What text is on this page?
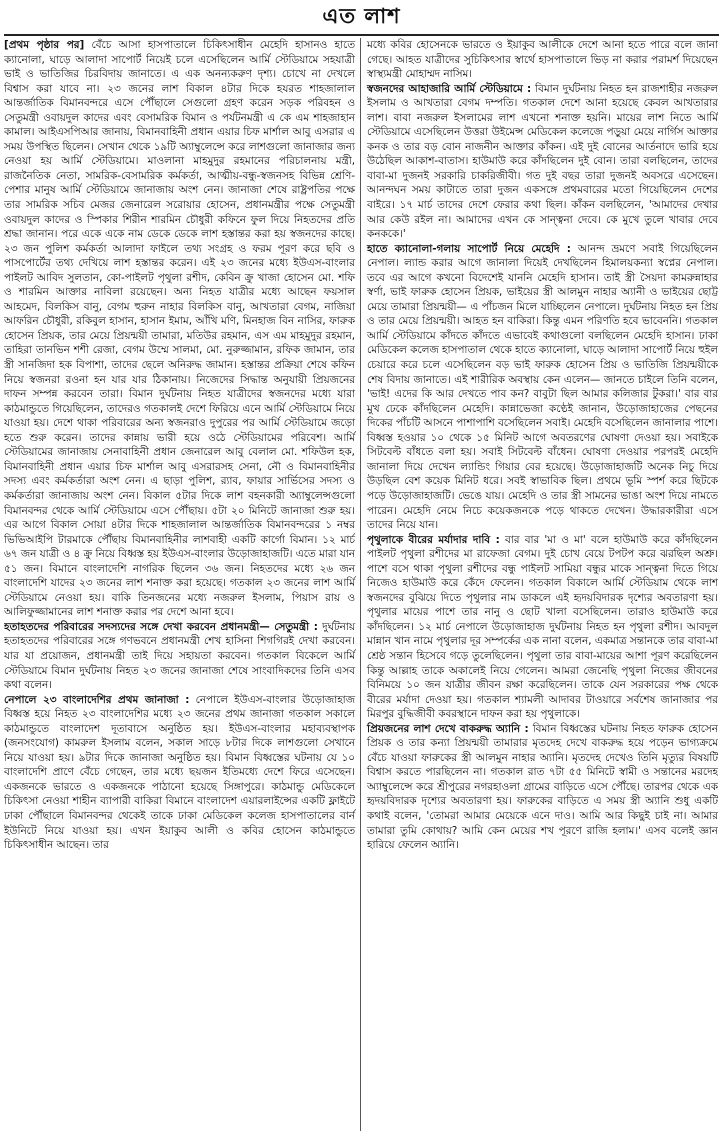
এত লাশ

[প্রথম পৃষ্ঠার পর] বেঁচে আসা হাসপাতালে চিকিৎসাধীন মেহেদি হাসানও হাতে ক্যানোলা, ঘাড়ে আলাদা সাপোর্ট নিয়েই চলে এসেছিলেন আর্মি স্টেডিয়ামে সহযাত্রী ভাই ও ভাতিজির চিরবিদায় জানাতে। এ এক অনন্যকরুণ দৃশ্য। চোখে না দেখলে বিশ্বাস করা যাবে না। ২৩ জনের লাশ বিকাল ৪টার দিকে হযরত শাহজালাল আন্তর্জাতিক বিমানবন্দরে এসে পৌঁছালে সেগুলো গ্রহণ করেন সড়ক পরিবহন ও সেতুমন্ত্রী ওবায়দুল কাদের এবং বেসামরিক বিমান ও পর্যটনমন্ত্রী এ কে এম শাহজাহান কামাল। আইএসপিআর জানায়, বিমানবাহিনী প্রধান এয়ার চিফ মার্শাল আবু এসরার এ সময় উপস্থিত ছিলেন। সেখান থেকে ১৯টি অ্যাম্বুলেন্সে করে লাশগুলো জানাজার জন্য নেওয়া হয় আর্মি স্টেডিয়ামে। মাওলানা মাহমুদুর রহমানের পরিচালনায় মন্ত্রী, রাজনৈতিক নেতা, সামরিক-বেসামরিক কর্মকর্তা, আত্মীয়-বন্ধু-স্বজনসহ বিভিন্ন শ্রেণি-পেশার মানুষ আর্মি স্টেডিয়ামে জানাজায় অংশ নেন। জানাজা শেষে রাষ্ট্রপতির পক্ষে তার সামরিক সচিব মেজর জেনারেল সরোয়ার হোসেন, প্রধানমন্ত্রীর পক্ষে সেতুমন্ত্রী ওবায়দুল কাদের ও স্পিকার শিরীন শারমিন চৌধুরী কফিনে ফুল দিয়ে নিহতদের প্রতি শ্রদ্ধা জানান। পরে একে একে নাম ডেকে ডেকে লাশ হস্তান্তর করা হয় স্বজনদের কাছে। ২৩ জন পুলিশ কর্মকর্তা আলাদা ফাইলে তথ্য সংগ্রহ ও ফরম পূরণ করে ছবি ও পাসপোর্টের তথ্য দেখিয়ে লাশ হস্তান্তর করেন। এই ২৩ জনের মধ্যে ইউএস-বাংলার পাইলট আবিদ সুলতান, কো-পাইলট পৃথুলা রশীদ, কেবিন ক্রু খাজা হোসেন মো. শফি ও শারমিন আক্তার নাবিলা রয়েছেন। অন্য নিহত যাত্রীর মধ্যে আছেন ফয়সাল আহমেদ, বিলকিস বানু, বেগম হুরুন নাহার বিলকিস বানু, আখতারা বেগম, নাজিয়া আফরিন চৌধুরী, রকিবুল হাসান, হাসান ইমাম, আঁখি মণি, মিনহাজ বিন নাসির, ফারুক হোসেন প্রিয়ক, তার মেয়ে প্রিয়ন্ময়ী তামারা, মতিউর রহমান, এস এম মাহমুদুর রহমান, তাহিরা তানভিন শশী রেজা, বেগম উম্মে সালমা, মো. নুরুজ্জামান, রফিক জামান, তার স্ত্রী সানজিদা হক বিপাশা, তাদের ছেলে অনিরুদ্ধ জামান। হস্তান্তর প্রক্রিয়া শেষে কফিন নিয়ে স্বজনরা রওনা হন যার যার ঠিকানায়। নিজেদের সিদ্ধান্ত অনুযায়ী প্রিয়জনের দাফন সম্পন্ন করবেন তারা। বিমান দুর্ঘটনায় নিহত যাত্রীদের স্বজনদের মধ্যে যারা কাঠমান্ডুতে গিয়েছিলেন, তাদেরও গতকালই দেশে ফিরিয়ে এনে আর্মি স্টেডিয়ামে নিয়ে যাওয়া হয়। দেশে থাকা পরিবারের অন্য স্বজনরাও দুপুরের পর আর্মি স্টেডিয়ামে জড়ো হতে শুরু করেন। তাদের কান্নায় ভারী হয়ে ওঠে স্টেডিয়ামের পরিবেশ। আর্মি স্টেডিয়ামের জানাজায় সেনাবাহিনী প্রধান জেনারেল আবু বেলাল মো. শফিউল হক, বিমানবাহিনী প্রধান এয়ার চিফ মার্শাল আবু এসরারসহ সেনা, নৌ ও বিমানবাহিনীর সদস্য এবং কর্মকর্তারা অংশ নেন। এ ছাড়া পুলিশ, র‌্যাব, ফায়ার সার্ভিসের সদস্য ও কর্মকর্তারা জানাজায় অংশ নেন। বিকাল ৫টার দিকে লাশ বহনকারী অ্যাম্বুলেন্সগুলো বিমানবন্দর থেকে আর্মি স্টেডিয়ামে এসে পৌঁছায়। ৫টা ২০ মিনিটে জানাজা শুরু হয়। এর আগে বিকাল সোয়া ৪টার দিকে শাহজালাল আন্তর্জাতিক বিমানবন্দরের ১ নম্বর ভিভিআইপি টারমাকে পৌঁছায় বিমানবাহিনীর লাশবাহী একটি কার্গো বিমান। ১২ মার্চ ৬৭ জন যাত্রী ও ৪ ক্রু নিয়ে বিধ্বস্ত হয় ইউএস-বাংলার উড়োজাহাজটি। এতে মারা যান ৫১ জন। বিমানে বাংলাদেশি নাগরিক ছিলেন ৩৬ জন। নিহতদের মধ্যে ২৬ জন বাংলাদেশি যাদের ২৩ জনের লাশ শনাক্ত করা হয়েছে। গতকাল ২৩ জনের লাশ আর্মি স্টেডিয়ামে নেওয়া হয়। বাকি তিনজনের মধ্যে নজরুল ইসলাম, পিয়াস রায় ও আলিফুজ্জামানের লাশ শনাক্ত করার পর দেশে আনা হবে।

হতাহতদের পরিবারের সদস্যদের সঙ্গে দেখা করবেন প্রধানমন্ত্রী— সেতুমন্ত্রী : দুর্ঘটনায় হতাহতদের পরিবারের সঙ্গে গণভবনে প্রধানমন্ত্রী শেখ হাসিনা শিগগিরই দেখা করবেন। যার যা প্রয়োজন, প্রধানমন্ত্রী তাই দিয়ে সহায়তা করবেন। গতকাল বিকেলে আর্মি স্টেডিয়ামে বিমান দুর্ঘটনায় নিহত ২৩ জনের জানাজা শেষে সাংবাদিকদের তিনি এসব কথা বলেন।

নেপালে ২৩ বাংলাদেশির প্রথম জানাজা : নেপালে ইউএস-বাংলার উড়োজাহাজ বিধ্বস্ত হয়ে নিহত ২৩ বাংলাদেশির মধ্যে ২৩ জনের প্রথম জানাজা গতকাল সকালে কাঠমান্ডুতে বাংলাদেশ দূতাবাসে অনুষ্ঠিত হয়। ইউএস-বাংলার মহাব্যবস্থাপক (জনসংযোগ) কামরুল ইসলাম বলেন, সকাল সাড়ে ৮টার দিকে লাশগুলো সেখানে নিয়ে যাওয়া হয়। ৯টার দিকে জানাজা অনুষ্ঠিত হয়। বিমান বিধ্বস্তের ঘটনায় যে ১০ বাংলাদেশি প্রাণে বেঁচে গেছেন, তার মধ্যে ছয়জন ইতিমধ্যে দেশে ফিরে এসেছেন। একজনকে ভারতে ও একজনকে পাঠানো হয়েছে সিঙ্গাপুরে। কাঠমান্ডু মেডিকেলে চিকিৎসা নেওয়া শাহীন ব্যাপারী বাকিরা বিমানে বাংলাদেশ এয়ারলাইন্সের একটি ফ্লাইটে ঢাকা পৌঁছালে বিমানবন্দর থেকেই তাকে ঢাকা মেডিকেল কলেজ হাসপাতালের বার্ন ইউনিটে নিয়ে যাওয়া হয়। এখন ইয়াকুব আলী ও কবির হোসেন কাঠমান্ডুতে চিকিৎসাধীন আছেন। তার

মধ্যে কবির হোসেনকে ভারতে ও ইয়াকুব আলীকে দেশে আনা হতে পারে বলে জানা গেছে। আহত যাত্রীদের সুচিকিৎসার স্বার্থে হাসপাতালে ভিড় না করার পরামর্শ দিয়েছেন স্বাস্থ্যমন্ত্রী মোহাম্মদ নাসিম।

স্বজনদের আহাজারি আর্মি স্টেডিয়ামে : বিমান দুর্ঘটনায় নিহত হন রাজশাহীর নজরুল ইসলাম ও আখতারা বেগম দম্পতি। গতকাল দেশে আনা হয়েছে কেবল আখতারার লাশ। বাবা নজরুল ইসলামের লাশ এখনো শনাক্ত হয়নি। মায়ের লাশ নিতে আর্মি স্টেডিয়ামে এসেছিলেন উত্তরা উইমেন্স মেডিকেল কলেজে পড়ুয়া মেয়ে নার্গিস আক্তার কনক ও তার বড় বোন নাজনীন আক্তার কাঁকন। এই দুই বোনের আর্তনাদে ভারি হয়ে উঠেছিল আকাশ-বাতাস। হাউমাউ করে কাঁদছিলেন দুই বোন। তারা বলছিলেন, তাদের বাবা-মা দুজনই সরকারি চাকরিজীবী। গত দুই বছর তারা দুজনই অবসরে এসেছেন। আনন্দঘন সময় কাটাতে তারা দুজন একসঙ্গে প্রথমবারের মতো গিয়েছিলেন দেশের বাইরে। ১৭ মার্চ তাদের দেশে ফেরার কথা ছিল। কাঁকন বলছিলেন, 'আমাদের দেখার আর কেউ রইল না। আমাদের এখন কে সান্ত্বনা দেবে। কে মুখে তুলে খাবার দেবে কনককে।'

হাতে ক্যানোলা-গলায় সাপোর্ট নিয়ে মেহেদি : আনন্দ ভ্রমণে সবাই গিয়েছিলেন নেপাল। ল্যান্ড করার আগে জানালা দিয়েই দেখছিলেন হিমালয়কন্যা স্বপ্নের নেপাল। তবে এর আগে কখনো বিদেশেই যাননি মেহেদি হাসান। তাই স্ত্রী সৈয়দা কামরুন্নাহার স্বর্ণা, ভাই ফারুক হোসেন প্রিয়ক, ভাইয়ের স্ত্রী আলমুন নাহার অ্যানী ও ভাইয়ের ছোট্ট মেয়ে তামারা প্রিয়ন্ময়ী— এ পাঁচজন মিলে যাচ্ছিলেন নেপালে। দুর্ঘটনায় নিহত হন প্রিয় ও তার মেয়ে প্রিয়ন্ময়ী। আহত হন বাকিরা। কিন্তু এমন পরিণতি হবে ভাবেননি। গতকাল আর্মি স্টেডিয়ামে কাঁদতে কাঁদতে এভাবেই কথাগুলো বলছিলেন মেহেদি হাসান। ঢাকা মেডিকেল কলেজ হাসপাতাল থেকে হাতে ক্যানোলা, ঘাড়ে আলাদা সাপোর্ট নিয়ে হুইল চেয়ারে করে চলে এসেছিলেন বড় ভাই ফারুক হোসেন প্রিয় ও ভাতিজি প্রিয়ন্ময়ীকে শেষ বিদায় জানাতে। এই শারীরিক অবস্থায় কেন এলেন— জানতে চাইলে তিনি বলেন, 'ভাই! এদের কি আর দেখতে পাব কন? বাবুটা ছিল আমার কলিজার টুকরা।' বার বার মুখ ঢেকে কাঁদছিলেন মেহেদি। কান্নাভেজা কণ্ঠেই জানান, উড়োজাহাজের পেছনের দিকের পাঁচটি আসনে পাশাপাশি বসেছিলেন সবাই। মেহেদি বসেছিলেন জানালার পাশে। বিধ্বস্ত হওয়ার ১০ থেকে ১৫ মিনিট আগে অবতরণের ঘোষণা দেওয়া হয়। সবাইকে সিটবেল্ট বাঁধতে বলা হয়। সবাই সিটবেল্ট বাঁধেন। ঘোষণা দেওয়ার পরপরই মেহেদি জানালা দিয়ে দেখেন ল্যান্ডিং গিয়ার বের হয়েছে। উড়োজাহাজটি অনেক নিচু দিয়ে উড়ছিল বেশ কয়েক মিনিট ধরে। সবই স্বাভাবিক ছিল। প্রথমে ভূমি স্পর্শ করে ছিটকে পড়ে উড়োজাহাজটি। ভেঙে যায়। মেহেদি ও তার স্ত্রী সামনের ভাঙা অংশ দিয়ে নামতে পারেন। মেহেদি নেমে নিচে কয়েকজনকে পড়ে থাকতে দেখেন। উদ্ধারকারীরা এসে তাদের নিয়ে যান।

পৃথুলাকে বীরের মর্যাদার দাবি : বার বার 'মা ও মা' বলে হাউমাউ করে কাঁদছিলেন পাইলট পৃথুলা রশীদের মা রাফেজা বেগম। দুই চোখ বেয়ে টপটপ করে ঝরছিল অশ্রু। পাশে বসে থাকা পৃথুলা রশীদের বন্ধু পাইলট সামিয়া বন্ধুর মাকে সান্ত্বনা দিতে গিয়ে নিজেও হাউমাউ করে কেঁদে ফেলেন। গতকাল বিকালে আর্মি স্টেডিয়াম থেকে লাশ স্বজনদের বুঝিয়ে দিতে পৃথুলার নাম ডাকলে এই হৃদয়বিদারক দৃশ্যের অবতারণা হয়। পৃথুলার মায়ের পাশে তার নানু ও ছোট খালা বসেছিলেন। তারাও হাউমাউ করে কাঁদছিলেন। ১২ মার্চ নেপালে উড়োজাহাজ দুর্ঘটনায় নিহত হন পৃথুলা রশীদ। আবদুল মান্নান খান নামে পৃথুলার দূর সম্পর্কের এক নানা বলেন, একমাত্র সন্তানকে তার বাবা-মা শ্রেষ্ঠ সন্তান হিসেবে গড়ে তুলেছিলেন। পৃথুলা তার বাবা-মায়ের আশা পূরণ করেছিলেন কিন্তু আল্লাহ তাকে অকালেই নিয়ে গেলেন। আমরা জেনেছি পৃথুলা নিজের জীবনের বিনিময়ে ১০ জন যাত্রীর জীবন রক্ষা করেছিলেন। তাকে যেন সরকারের পক্ষ থেকে বীরের মর্যাদা দেওয়া হয়। গতকাল শ্যামলী আদাবর টাওয়ারে সর্বশেষ জানাজার পর মিরপুর বুদ্ধিজীবী কবরস্থানে দাফন করা হয় পৃথুলাকে।

প্রিয়জনের লাশ দেখে বাকরুদ্ধ অ্যানি : বিমান বিধ্বস্তের ঘটনায় নিহত ফারুক হোসেন প্রিয়ক ও তার কন্যা প্রিয়ন্ময়ী তামারার মৃতদেহ দেখে বাকরুদ্ধ হয়ে পড়েন ভাগ্যক্রমে বেঁচে যাওয়া ফারুকের স্ত্রী আলমুন নাহার অ্যানি। মৃতদেহ দেখেও তিনি মৃত্যুর বিষয়টি বিশ্বাস করতে পারছিলেন না। গতকাল রাত ৭টা ৫৫ মিনিটে স্বামী ও সন্তানের মরদেহ অ্যাম্বুলেন্সে করে শ্রীপুরের নগরহাওলা গ্রামের বাড়িতে এসে পৌঁছে। তারপর থেকে এক হৃদয়বিদারক দৃশ্যের অবতারণা হয়। ফারুকের বাড়িতে এ সময় স্ত্রী অ্যানি শুধু একটি কথাই বলেন, 'তোমরা আমার মেয়েকে এনে দাও। আমি আর কিছুই চাই না। আমার তামারা তুমি কোথায়? আমি কেন মেয়ের শখ পূরণে রাজি হলাম।' এসব বলেই জ্ঞান হারিয়ে ফেলেন অ্যানি।
